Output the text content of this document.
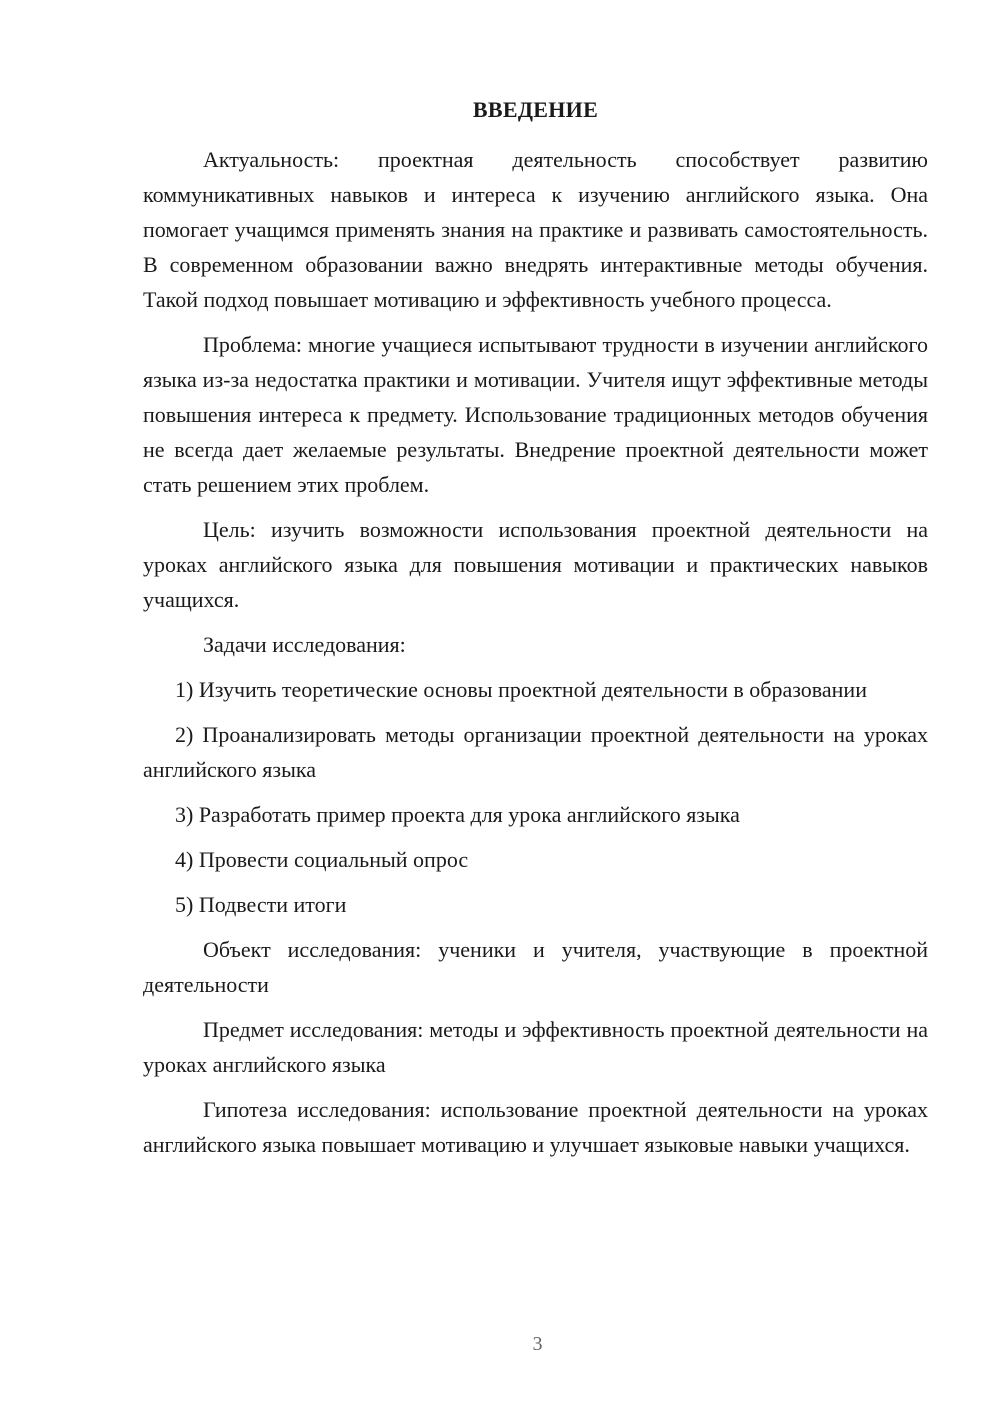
ВВЕДЕНИЕ

Актуальность: проектная деятельность способствует развитию коммуникативных навыков и интереса к изучению английского языка. Она помогает учащимся применять знания на практике и развивать самостоятельность. В современном образовании важно внедрять интерактивные методы обучения. Такой подход повышает мотивацию и эффективность учебного процесса.

Проблема: многие учащиеся испытывают трудности в изучении английского языка из-за недостатка практики и мотивации. Учителя ищут эффективные методы повышения интереса к предмету. Использование традиционных методов обучения не всегда дает желаемые результаты. Внедрение проектной деятельности может стать решением этих проблем.

Цель: изучить возможности использования проектной деятельности на уроках английского языка для повышения мотивации и практических навыков учащихся.

Задачи исследования:

1) Изучить теоретические основы проектной деятельности в образовании

2) Проанализировать методы организации проектной деятельности на уроках английского языка

3) Разработать пример проекта для урока английского языка

4) Провести социальный опрос

5) Подвести итоги

Объект исследования: ученики и учителя, участвующие в проектной деятельности

Предмет исследования: методы и эффективность проектной деятельности на уроках английского языка

Гипотеза исследования: использование проектной деятельности на уроках английского языка повышает мотивацию и улучшает языковые навыки учащихся.

3
